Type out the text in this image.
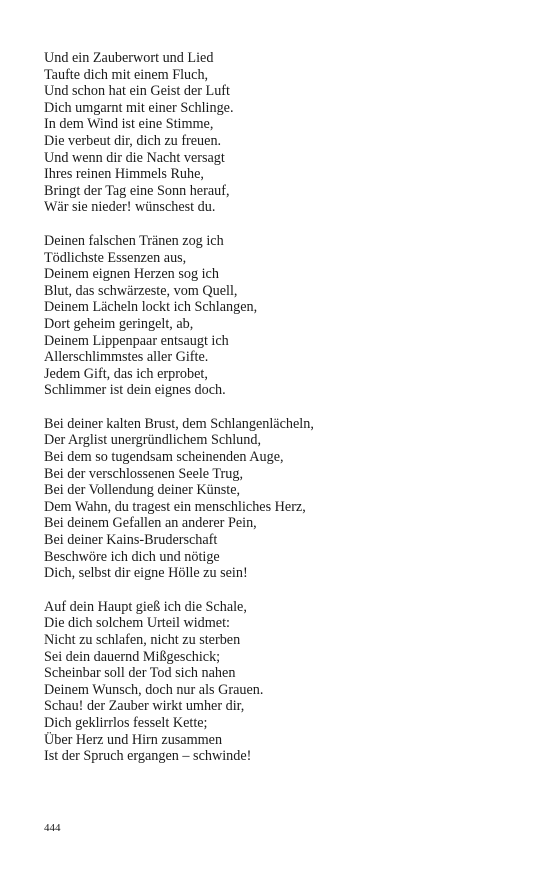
Und ein Zauberwort und Lied
Taufte dich mit einem Fluch,
Und schon hat ein Geist der Luft
Dich umgarnt mit einer Schlinge.
In dem Wind ist eine Stimme,
Die verbeut dir, dich zu freuen.
Und wenn dir die Nacht versagt
Ihres reinen Himmels Ruhe,
Bringt der Tag eine Sonn herauf,
Wär sie nieder! wünschest du.
Deinen falschen Tränen zog ich
Tödlichste Essenzen aus,
Deinem eignen Herzen sog ich
Blut, das schwärzeste, vom Quell,
Deinem Lächeln lockt ich Schlangen,
Dort geheim geringelt, ab,
Deinem Lippenpaar entsaugt ich
Allerschlimmstes aller Gifte.
Jedem Gift, das ich erprobet,
Schlimmer ist dein eignes doch.
Bei deiner kalten Brust, dem Schlangenlächeln,
Der Arglist unergründlichem Schlund,
Bei dem so tugendsam scheinenden Auge,
Bei der verschlossenen Seele Trug,
Bei der Vollendung deiner Künste,
Dem Wahn, du tragest ein menschliches Herz,
Bei deinem Gefallen an anderer Pein,
Bei deiner Kains-Bruderschaft
Beschwöre ich dich und nötige
Dich, selbst dir eigne Hölle zu sein!
Auf dein Haupt gieß ich die Schale,
Die dich solchem Urteil widmet:
Nicht zu schlafen, nicht zu sterben
Sei dein dauernd Mißgeschick;
Scheinbar soll der Tod sich nahen
Deinem Wunsch, doch nur als Grauen.
Schau! der Zauber wirkt umher dir,
Dich geklirrlos fesselt Kette;
Über Herz und Hirn zusammen
Ist der Spruch ergangen – schwinde!
444
